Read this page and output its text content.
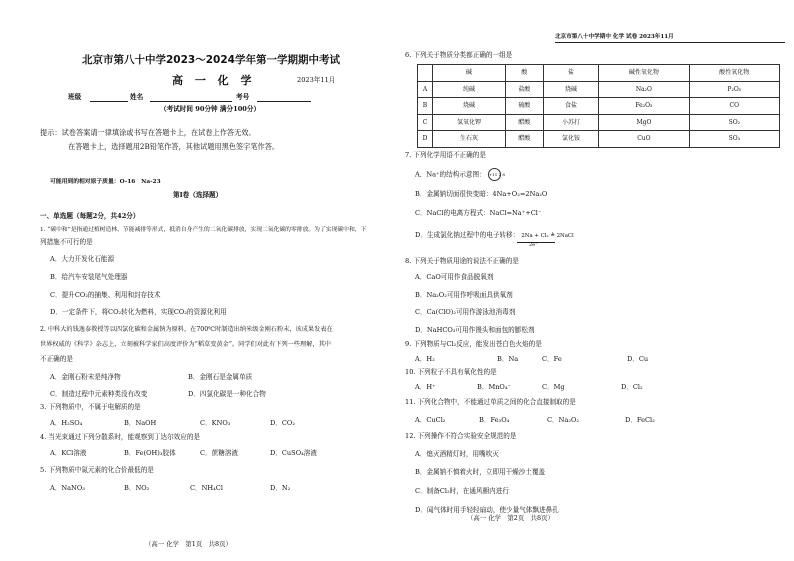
北京市第八十中学期中 化学 试卷 2023年11月
北京市第八十中学2023～2024学年第一学期期中考试
高 一 化 学	2023年11月
班级	姓名	考号
（考试时间 90分钟 满分100分）
提示：试卷答案请一律填涂或书写在答题卡上，在试卷上作答无效。
在答题卡上，选择题用2B铅笔作答，其他试题用黑色签字笔作答。
可能用到的相对原子质量：O-16　Na-23
第Ⅰ卷（选择题）
一、单选题（每题2分，共42分）
1. “碳中和”是指通过植树造林、节能减排等形式，抵消自身产生的二氧化碳排放，实现二氧化碳的零排放。为了实现碳中和，下
列措施不可行的是
A．大力开发化石能源
B．给汽车安装尾气处理器
C．提升CO₂的捕集、利用和封存技术
D．一定条件下，将CO₂转化为燃料，实现CO₂的资源化利用
2. 中科大的钱逸泰教授等以四氯化碳和金属钠为原料，在700℃时制造出纳米级金刚石粉末，该成果发表在
世界权威的《科学》杂志上，立刻被科学家们高度评价为“稻草变黄金”。同学们对此有下列一些理解，其中
不正确的是
A．金刚石粉末是纯净物	B．金刚石是金属单质
C．制造过程中元素种类没有改变	D．四氯化碳是一种化合物
3. 下列物质中，不属于电解质的是
A．H₂SO₄	B．NaOH	C．KNO₃	D．CO₂
4. 当光束通过下列分散系时，能观察到丁达尔效应的是
A．KCl溶液	B．Fe(OH)₃胶体	C．蔗糖溶液	D．CuSO₄溶液
5. 下列物质中氮元素的化合价最低的是
A．NaNO₃	B．NO₂	C．NH₄Cl	D．N₂
（高一 化学　第1页　共8页）
6. 下列关于物质分类都正确的一组是
	碱	酸	盐	碱性氧化物	酸性氧化物
A	纯碱	盐酸	烧碱	Na₂O	P₂O₅
B	烧碱	硫酸	食盐	Fe₂O₃	CO
C	氢氧化钾	醋酸	小苏打	MgO	SO₂
D	生石灰	醋酸	氯化铵	CuO	SO₃
7. 下列化学用语不正确的是
A．Na⁺的结构示意图： +11 2 8
B．金属钠切面很快变暗：4Na+O₂=2Na₂O
C．NaCl的电离方程式：NaCl=Na⁺+Cl⁻
D．生成氯化钠过程中的电子转移： 2Na + Cl₂ ≜ 2NaCl
2e⁻
8. 下列关于物质用途的说法不正确的是
A．CaO可用作食品脱氧剂
B．Na₂O₂可用作呼吸面具供氧剂
C．Ca(ClO)₂可用作游泳池消毒剂
D．NaHCO₃可用作馒头和面包的膨松剂
9. 下列物质与Cl₂反应，能发出苍白色火焰的是
A．H₂	B．Na	C．Fe	D．Cu
10. 下列粒子不具有氧化性的是
A．H⁺	B．MnO₄⁻	C．Mg	D．Cl₂
11. 下列化合物中，不能通过单质之间的化合直接制取的是
A．CuCl₂	B．Fe₃O₄	C．Na₂O₂	D．FeCl₂
12. 下列操作不符合实验安全规范的是
A．熄灭酒精灯时，用嘴吹灭
B．金属钠不慎着火时，立即用干燥沙土覆盖
C．制备Cl₂时，在通风橱内进行
D．闻气体时用手轻轻扇动，使少量气体飘进鼻孔
（高一 化学　第2页　共8页）
